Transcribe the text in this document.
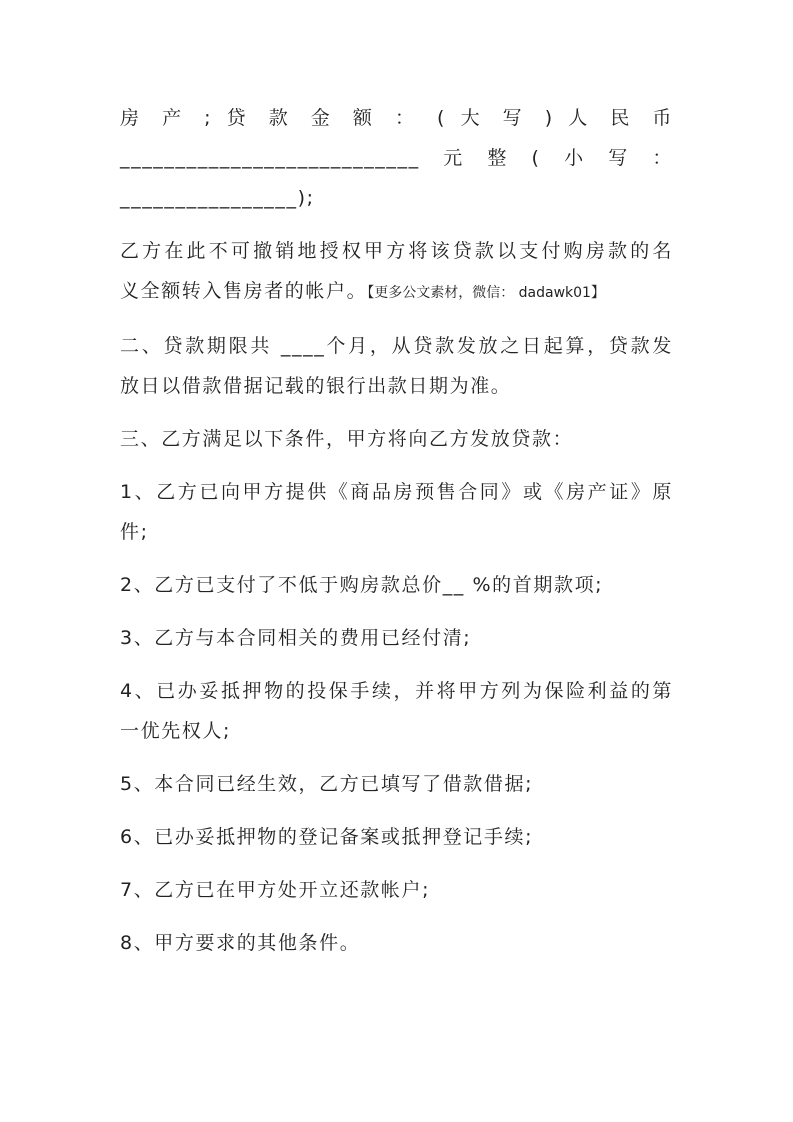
房 产 ; 贷 款 金 额 ： ( 大 写 ) 人 民 币

___________________________ 元 整 ( 小 写 ：

________________);

乙方在此不可撤销地授权甲方将该贷款以支付购房款的名

义全额转入售房者的帐户。【更多公文素材，微信： dadawk01】

二、贷款期限共 ____个月，从贷款发放之日起算，贷款发

放日以借款借据记载的银行出款日期为准。

三、乙方满足以下条件，甲方将向乙方发放贷款：

1、乙方已向甲方提供《商品房预售合同》或《房产证》原

件;

2、乙方已支付了不低于购房款总价__ %的首期款项;

3、乙方与本合同相关的费用已经付清;

4、已办妥抵押物的投保手续，并将甲方列为保险利益的第

一优先权人;

5、本合同已经生效，乙方已填写了借款借据;

6、已办妥抵押物的登记备案或抵押登记手续;

7、乙方已在甲方处开立还款帐户;

8、甲方要求的其他条件。
